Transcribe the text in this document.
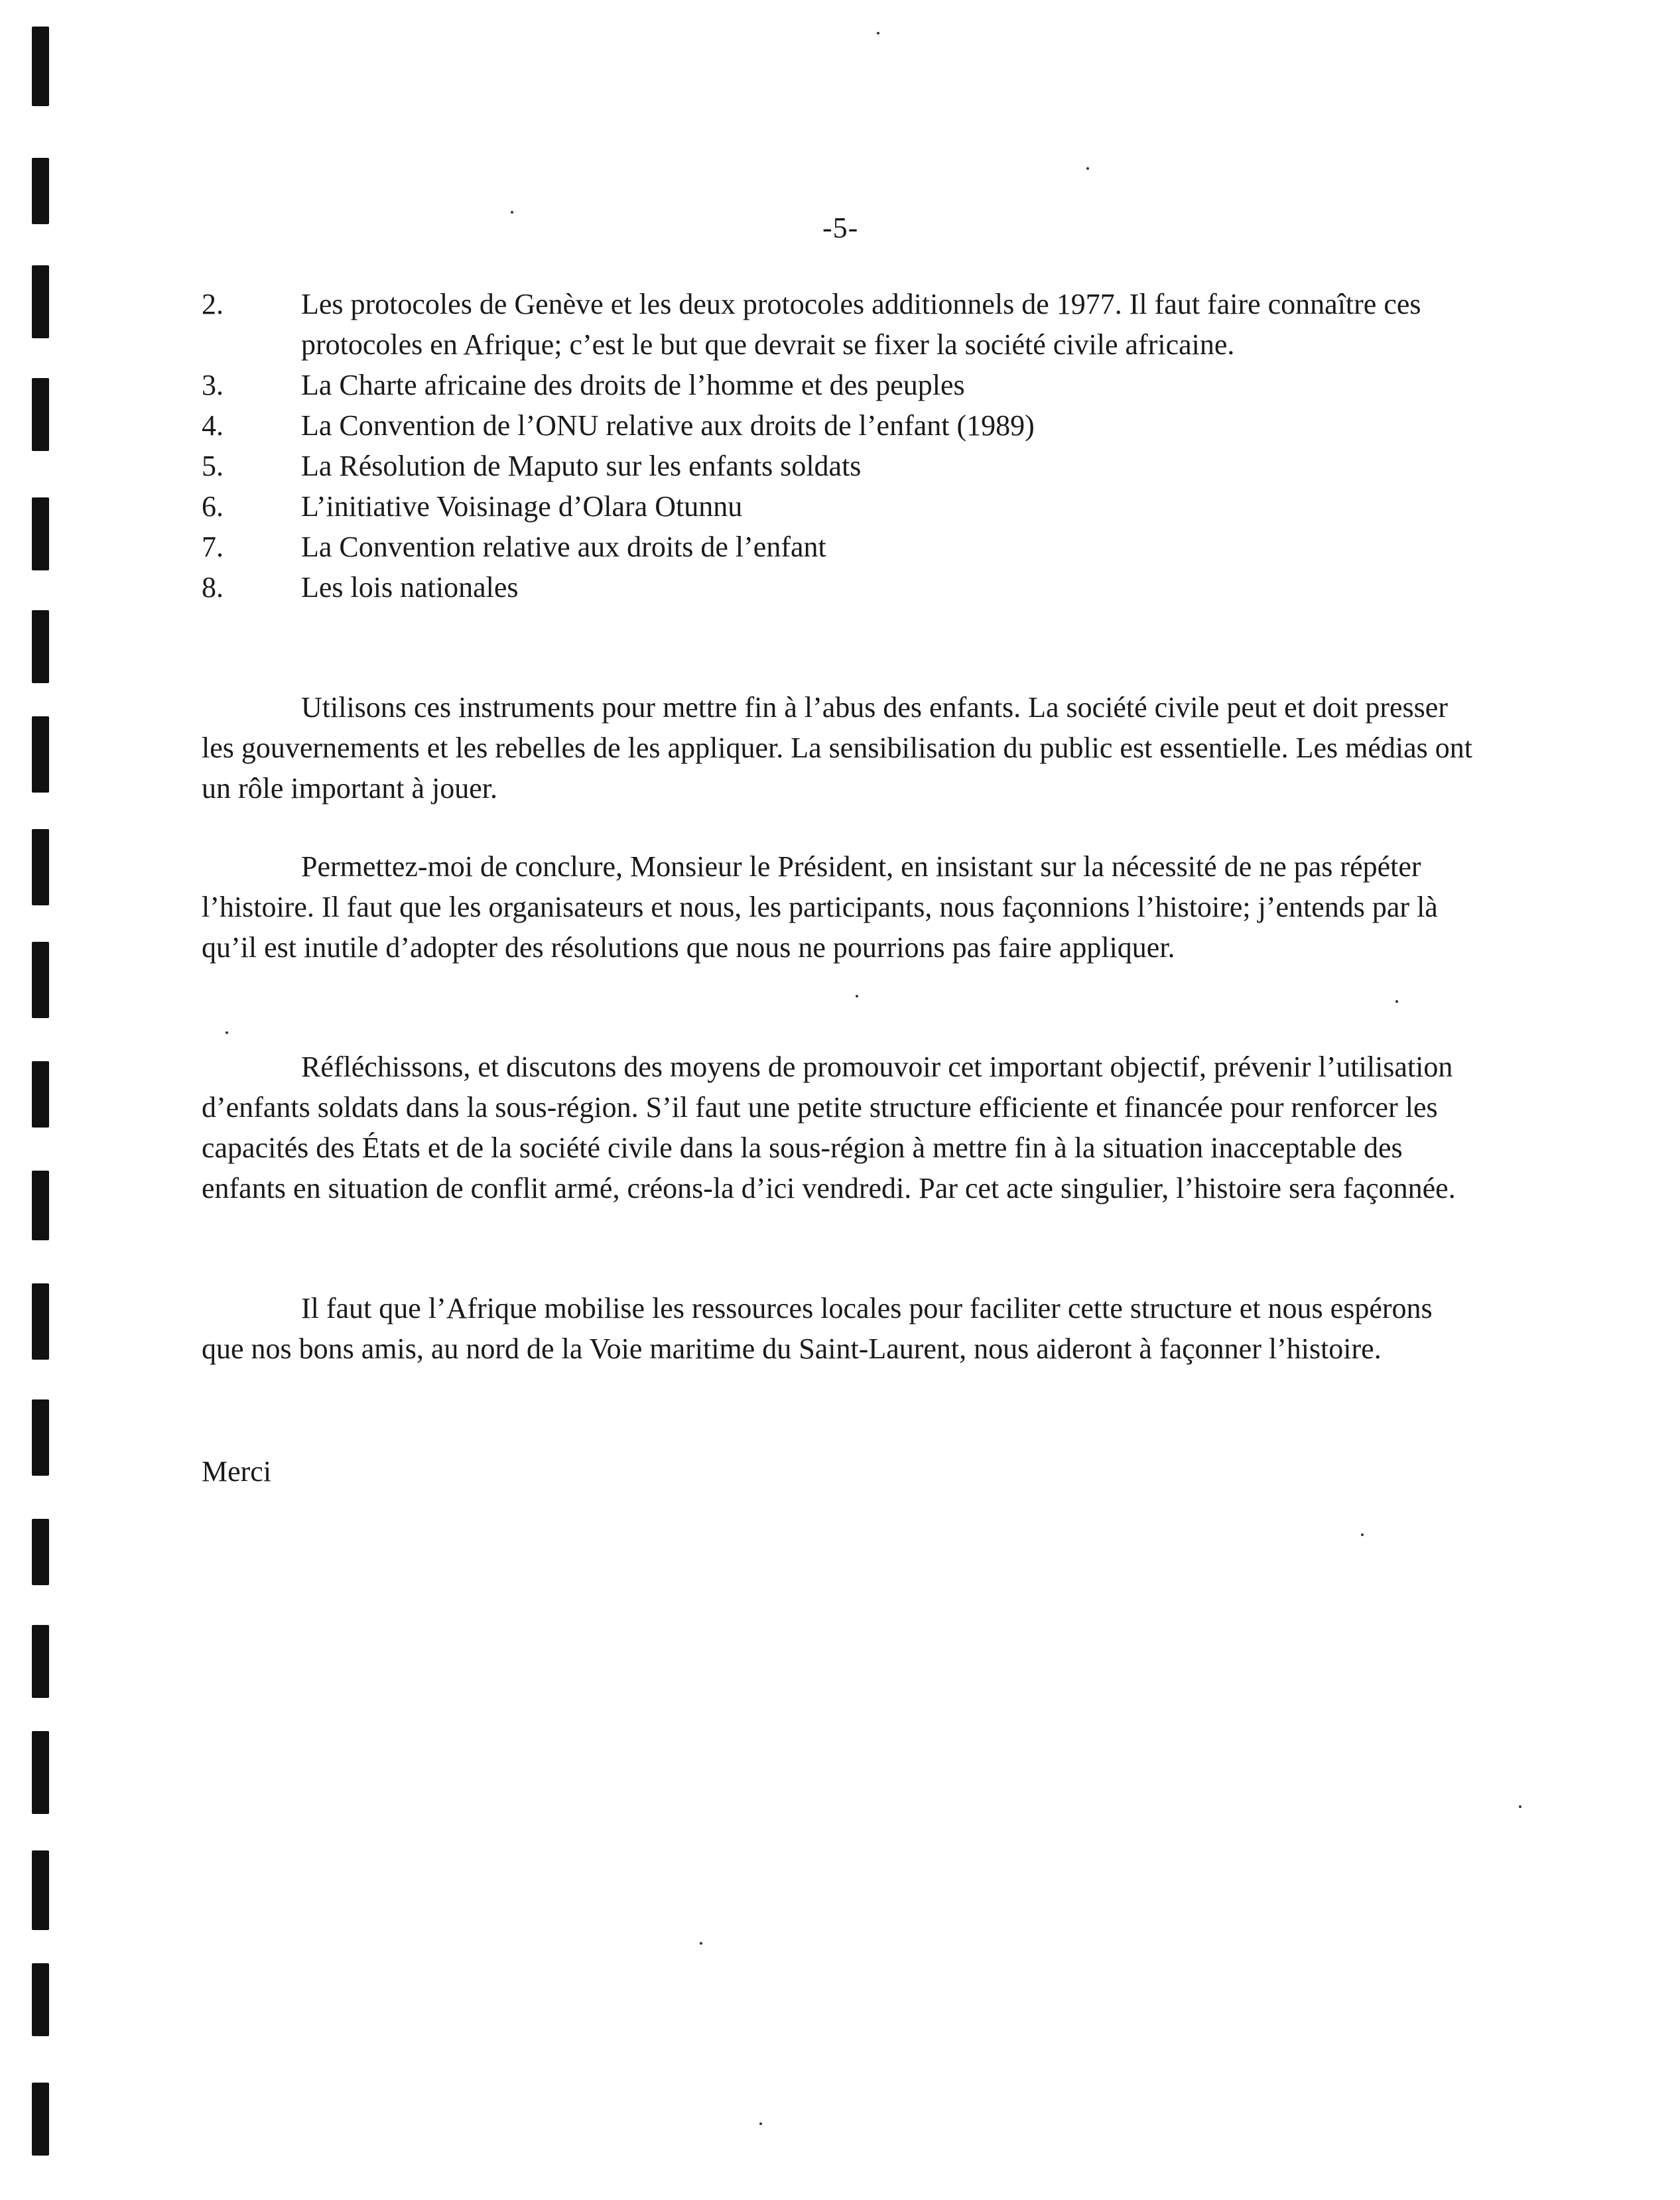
-5-
2.	Les protocoles de Genève et les deux protocoles additionnels de 1977. Il faut faire connaître ces protocoles en Afrique; c’est le but que devrait se fixer la société civile africaine.
3.	La Charte africaine des droits de l’homme et des peuples
4.	La Convention de l’ONU relative aux droits de l’enfant (1989)
5.	La Résolution de Maputo sur les enfants soldats
6.	L’initiative Voisinage d’Olara Otunnu
7.	La Convention relative aux droits de l’enfant
8.	Les lois nationales

Utilisons ces instruments pour mettre fin à l’abus des enfants. La société civile peut et doit presser les gouvernements et les rebelles de les appliquer. La sensibilisation du public est essentielle. Les médias ont un rôle important à jouer.

Permettez-moi de conclure, Monsieur le Président, en insistant sur la nécessité de ne pas répéter l’histoire. Il faut que les organisateurs et nous, les participants, nous façonnions l’histoire; j’entends par là qu’il est inutile d’adopter des résolutions que nous ne pourrions pas faire appliquer.

Réfléchissons, et discutons des moyens de promouvoir cet important objectif, prévenir l’utilisation d’enfants soldats dans la sous-région. S’il faut une petite structure efficiente et financée pour renforcer les capacités des États et de la société civile dans la sous-région à mettre fin à la situation inacceptable des enfants en situation de conflit armé, créons-la d’ici vendredi. Par cet acte singulier, l’histoire sera façonnée.

Il faut que l’Afrique mobilise les ressources locales pour faciliter cette structure et nous espérons que nos bons amis, au nord de la Voie maritime du Saint-Laurent, nous aideront à façonner l’histoire.

Merci
